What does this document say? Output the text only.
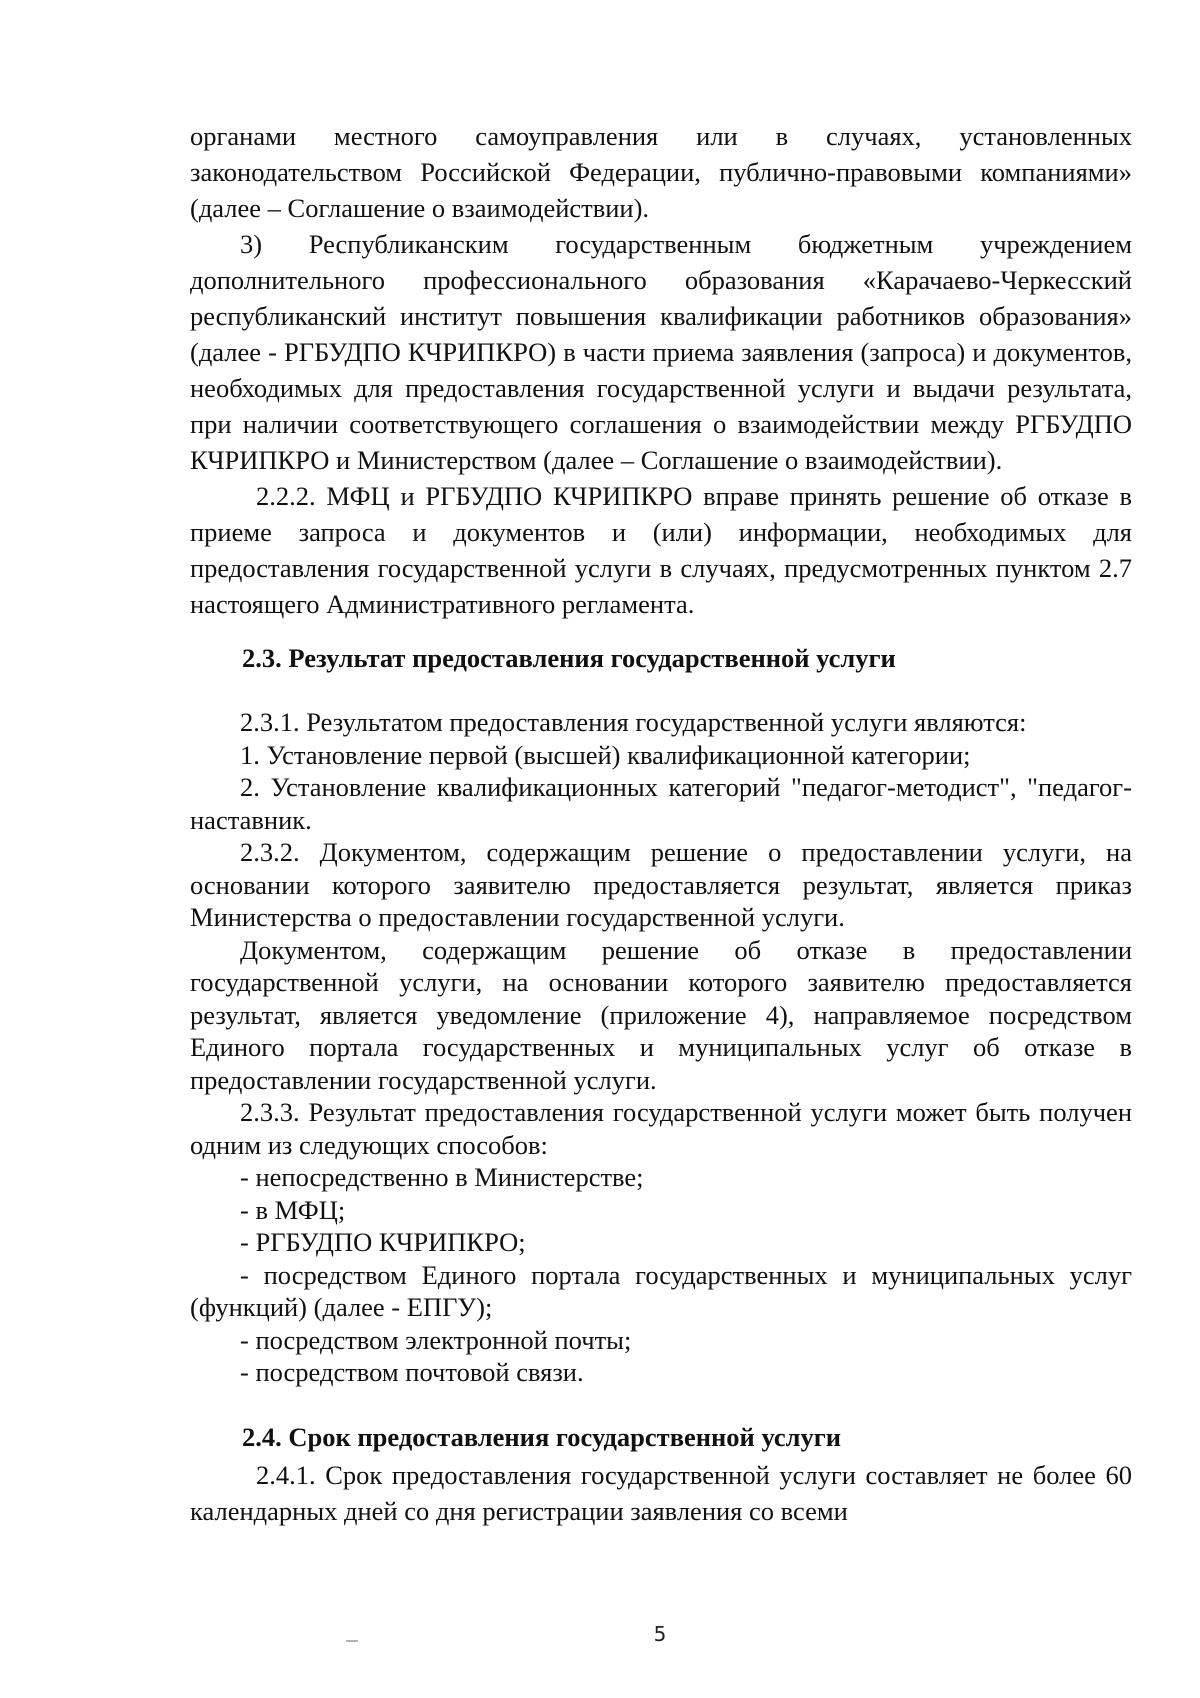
органами местного самоуправления или в случаях, установленных законодательством Российской Федерации, публично-правовыми компаниями» (далее – Соглашение о взаимодействии).

3) Республиканским государственным бюджетным учреждением дополнительного профессионального образования «Карачаево-Черкесский республиканский институт повышения квалификации работников образования» (далее - РГБУДПО КЧРИПКРО) в части приема заявления (запроса) и документов, необходимых для предоставления государственной услуги и выдачи результата, при наличии соответствующего соглашения о взаимодействии между РГБУДПО КЧРИПКРО и Министерством (далее – Соглашение о взаимодействии).

2.2.2. МФЦ и РГБУДПО КЧРИПКРО вправе принять решение об отказе в приеме запроса и документов и (или) информации, необходимых для предоставления государственной услуги в случаях, предусмотренных пунктом 2.7 настоящего Административного регламента.

2.3. Результат предоставления государственной услуги

2.3.1. Результатом предоставления государственной услуги являются:

1. Установление первой (высшей) квалификационной категории;

2. Установление квалификационных категорий "педагог-методист", "педагог-наставник.

2.3.2. Документом, содержащим решение о предоставлении услуги, на основании которого заявителю предоставляется результат, является приказ Министерства о предоставлении государственной услуги.

Документом, содержащим решение об отказе в предоставлении государственной услуги, на основании которого заявителю предоставляется результат, является уведомление (приложение 4), направляемое посредством Единого портала государственных и муниципальных услуг об отказе в предоставлении государственной услуги.

2.3.3. Результат предоставления государственной услуги может быть получен одним из следующих способов:

- непосредственно в Министерстве;

- в МФЦ;

- РГБУДПО КЧРИПКРО;

- посредством Единого портала государственных и муниципальных услуг (функций) (далее - ЕПГУ);

- посредством электронной почты;

- посредством почтовой связи.

2.4. Срок предоставления государственной услуги

2.4.1. Срок предоставления государственной услуги составляет не более 60 календарных дней со дня регистрации заявления со всеми

5
